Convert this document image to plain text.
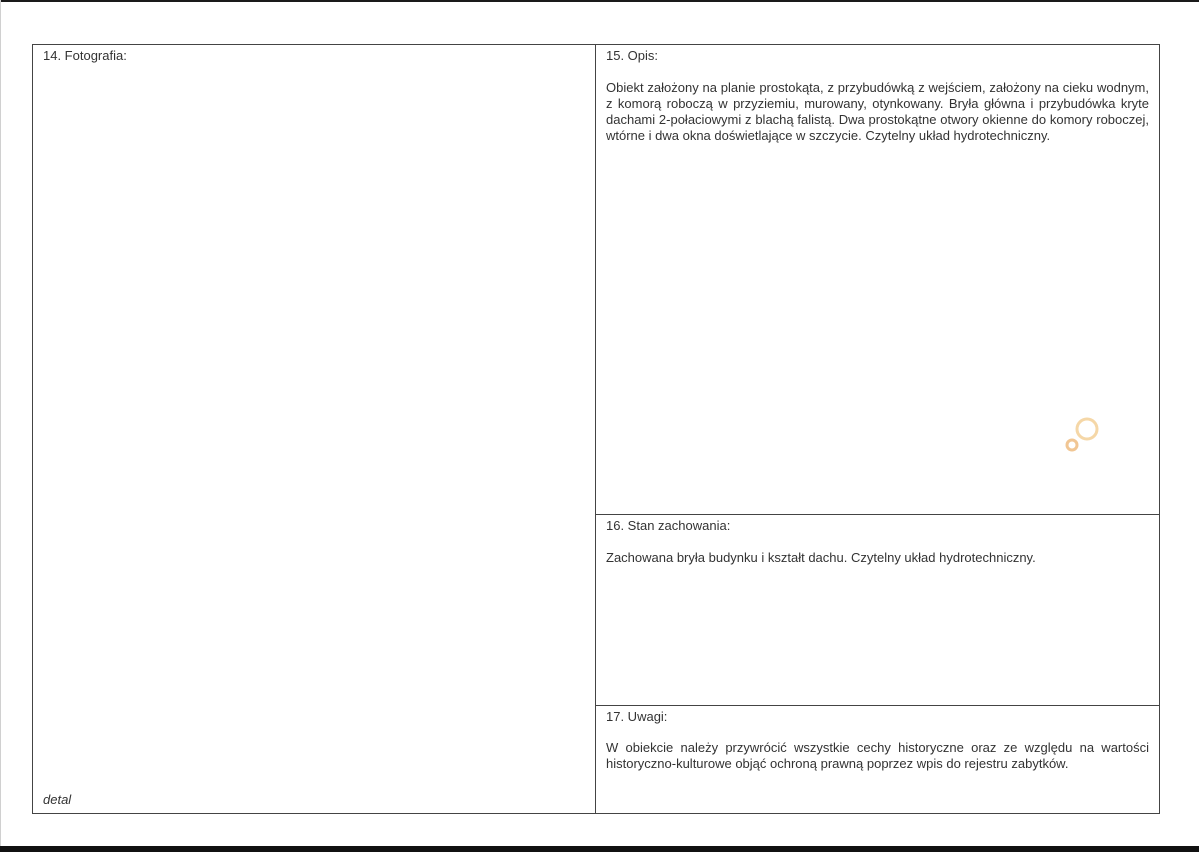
14. Fotografia:
detal
15. Opis:
Obiekt założony na planie prostokąta, z przybudówką z wejściem, założony na cieku wodnym, z komorą roboczą w przyziemiu, murowany, otynkowany. Bryła główna i przybudówka kryte dachami 2-połaciowymi z blachą falistą. Dwa prostokątne otwory okienne do komory roboczej, wtórne i dwa okna doświetlające w szczycie. Czytelny układ hydrotechniczny.
16. Stan zachowania:
Zachowana bryła budynku i kształt dachu. Czytelny układ hydrotechniczny.
17. Uwagi:
W obiekcie należy przywrócić wszystkie cechy historyczne oraz ze względu na wartości historyczno-kulturowe objąć ochroną prawną poprzez wpis do rejestru zabytków.
